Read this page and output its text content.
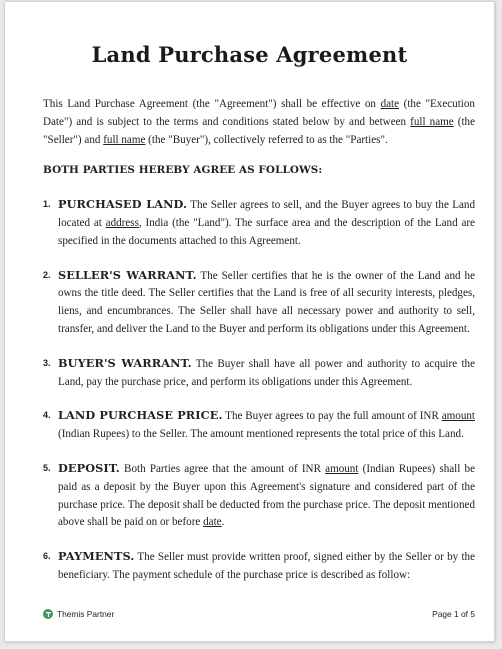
Land Purchase Agreement

This Land Purchase Agreement (the "Agreement") shall be effective on date (the "Execution Date") and is subject to the terms and conditions stated below by and between full name (the "Seller") and full name (the "Buyer"), collectively referred to as the "Parties".

BOTH PARTIES HEREBY AGREE AS FOLLOWS:
1. PURCHASED LAND. The Seller agrees to sell, and the Buyer agrees to buy the Land located at address, India (the "Land"). The surface area and the description of the Land are specified in the documents attached to this Agreement.
2. SELLER'S WARRANT. The Seller certifies that he is the owner of the Land and he owns the title deed. The Seller certifies that the Land is free of all security interests, pledges, liens, and encumbrances. The Seller shall have all necessary power and authority to sell, transfer, and deliver the Land to the Buyer and perform its obligations under this Agreement.
3. BUYER'S WARRANT. The Buyer shall have all power and authority to acquire the Land, pay the purchase price, and perform its obligations under this Agreement.
4. LAND PURCHASE PRICE. The Buyer agrees to pay the full amount of INR amount (Indian Rupees) to the Seller. The amount mentioned represents the total price of this Land.
5. DEPOSIT. Both Parties agree that the amount of INR amount (Indian Rupees) shall be paid as a deposit by the Buyer upon this Agreement's signature and considered part of the purchase price. The deposit shall be deducted from the purchase price. The deposit mentioned above shall be paid on or before date.
6. PAYMENTS. The Seller must provide written proof, signed either by the Seller or by the beneficiary. The payment schedule of the purchase price is described as follow:
Themis Partner	Page 1 of 5
